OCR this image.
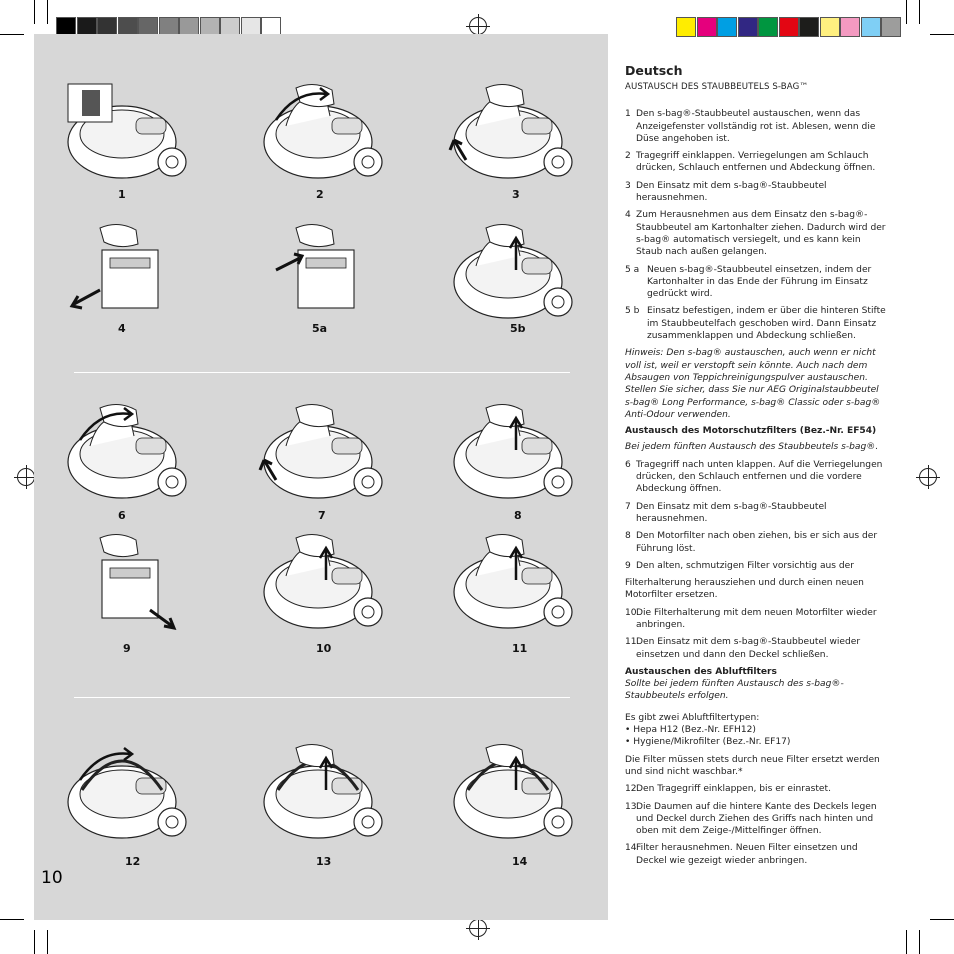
1	2	3
4	5a	5b
6	7	8
9	10	11
12	13	14
10
Deutsch
AUSTAUSCH DES STAUBBEUTELS S-BAG™
1 Den s-bag®-Staubbeutel austauschen, wenn das Anzeigefenster vollständig rot ist. Ablesen, wenn die Düse angehoben ist.
2 Tragegriff einklappen. Verriegelungen am Schlauch drücken, Schlauch entfernen und Abdeckung öffnen.
3 Den Einsatz mit dem s-bag®-Staubbeutel herausnehmen.
4 Zum Herausnehmen aus dem Einsatz den s-bag®- Staubbeutel am Kartonhalter ziehen. Dadurch wird der s-bag® automatisch versiegelt, und es kann kein Staub nach außen gelangen.
5 a Neuen s-bag®-Staubbeutel einsetzen, indem der Kartonhalter in das Ende der Führung im Einsatz gedrückt wird.
5 b Einsatz befestigen, indem er über die hinteren Stifte im Staubbeutelfach geschoben wird. Dann Einsatz zusammenklappen und Abdeckung schließen.

Hinweis: Den s-bag® austauschen, auch wenn er nicht voll ist, weil er verstopft sein könnte. Auch nach dem Absaugen von Teppichreinigungspulver austauschen. Stellen Sie sicher, dass Sie nur AEG Originalstaubbeutel s-bag® Long Performance, s-bag® Classic oder s-bag® Anti-Odour verwenden.

Austausch des Motorschutzfilters (Bez.-Nr. EF54)

Bei jedem fünften Austausch des Staubbeutels s-bag®.

6 Tragegriff nach unten klappen. Auf die Verriegelungen drücken, den Schlauch entfernen und die vordere Abdeckung öffnen.
7 Den Einsatz mit dem s-bag®-Staubbeutel herausnehmen.
8 Den Motorfilter nach oben ziehen, bis er sich aus der Führung löst.
9 Den alten, schmutzigen Filter vorsichtig aus der

Filterhalterung herausziehen und durch einen neuen Motorfilter ersetzen.

10 Die Filterhalterung mit dem neuen Motorfilter wieder anbringen.
11 Den Einsatz mit dem s-bag®-Staubbeutel wieder einsetzen und dann den Deckel schließen.

Austauschen des Abluftfilters

Sollte bei jedem fünften Austausch des s-bag®-Staubbeutels erfolgen.

Es gibt zwei Abluftfiltertypen:

• Hepa H12 (Bez.-Nr. EFH12)

• Hygiene/Mikrofilter (Bez.-Nr. EF17)

Die Filter müssen stets durch neue Filter ersetzt werden und sind nicht waschbar.*

12 Den Tragegriff einklappen, bis er einrastet.
13 Die Daumen auf die hintere Kante des Deckels legen und Deckel durch Ziehen des Griffs nach hinten und oben mit dem Zeige-/Mittelfinger öffnen.
14 Filter herausnehmen. Neuen Filter einsetzen und Deckel wie gezeigt wieder anbringen.
